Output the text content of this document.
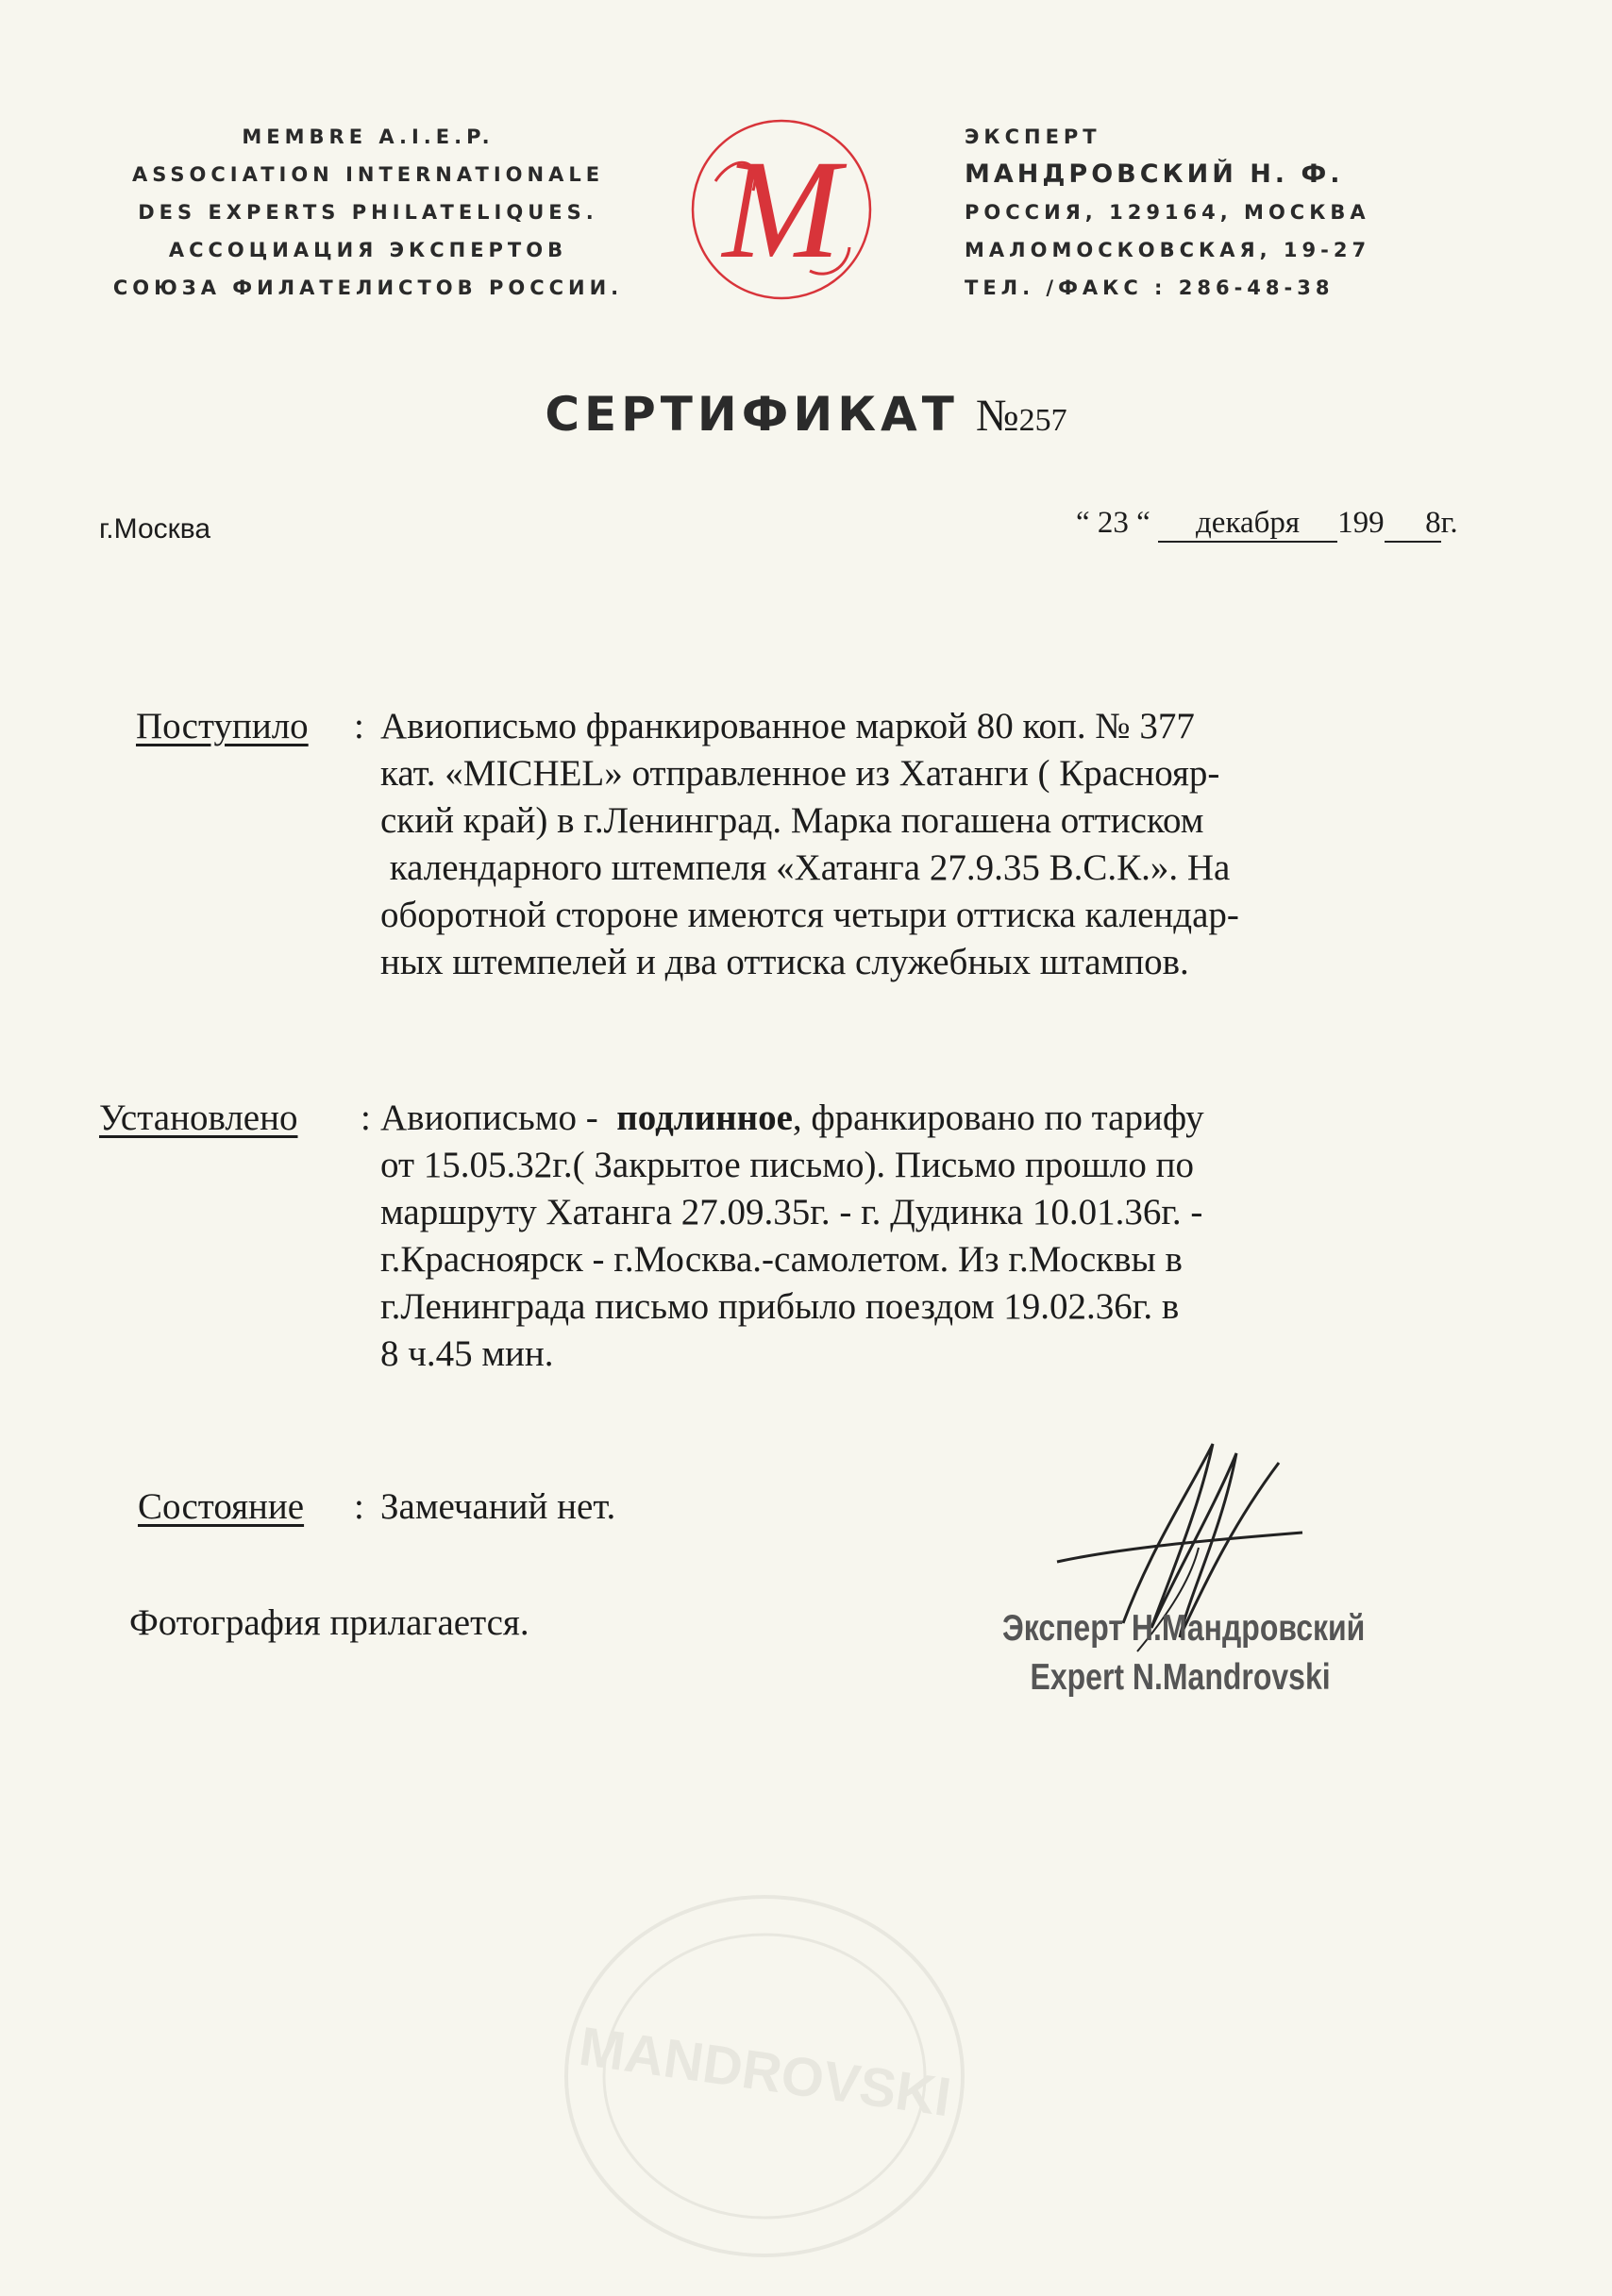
MEMBRE A.I.E.P.
ASSOCIATION INTERNATIONALE
DES EXPERTS PHILATELIQUES.
АССОЦИАЦИЯ ЭКСПЕРТОВ
СОЮЗА ФИЛАТЕЛИСТОВ РОССИИ. M	ЭКСПЕРТ
МАНДРОВСКИЙ Н. Ф.
РОССИЯ, 129164, МОСКВА
МАЛОМОСКОВСКАЯ, 19-27
ТЕЛ. /ФАКС : 286-48-38
СЕРТИФИКАТ №257
г.Москва	“ 23 “ декабря 199 8г.
Поступило : Авиописьмо франкированное маркой 80 коп. № 377
кат. «MICHEL» отправленное из Хатанги ( Краснояр-
ский край) в г.Ленинград. Марка погашена оттиском
календарного штемпеля «Хатанга 27.9.35 В.С.К.». На
оборотной стороне имеются четыри оттиска календар-
ных штемпелей и два оттиска служебных штампов.
Установлено : Авиописьмо -  подлинное, франкировано по тарифу
от 15.05.32г.( Закрытое письмо). Письмо прошло по
маршруту Хатанга 27.09.35г. - г. Дудинка 10.01.36г. -
г.Красноярск - г.Москва.-самолетом. Из г.Москвы в
г.Ленинграда письмо прибыло поездом 19.02.36г. в
8 ч.45 мин.
Состояние : Замечаний нет.
Фотография прилагается.	Эксперт Н.Мандровский
Expert N.Mandrovski
MANDROVSKI
